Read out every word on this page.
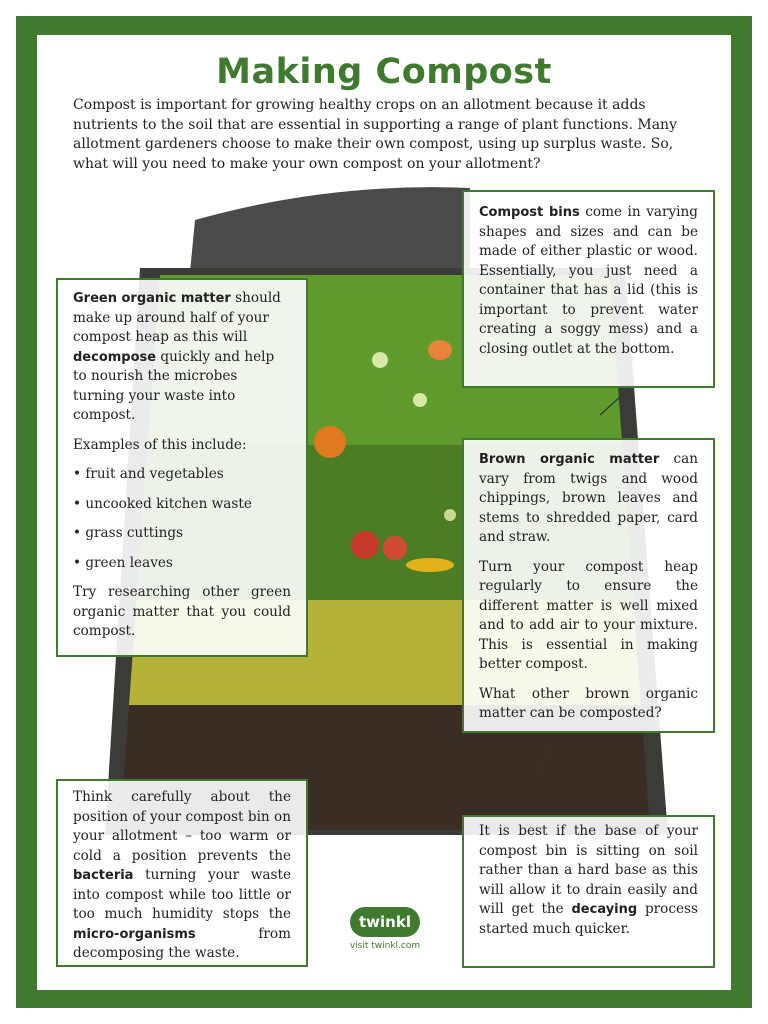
Making Compost
Compost is important for growing healthy crops on an allotment because it adds nutrients to the soil that are essential in supporting a range of plant functions. Many allotment gardeners choose to make their own compost, using up surplus waste. So, what will you need to make your own compost on your allotment?

Compost bins come in varying shapes and sizes and can be made of either plastic or wood. Essentially, you just need a container that has a lid (this is important to prevent water creating a soggy mess) and a closing outlet at the bottom.

Green organic matter should make up around half of your compost heap as this will decompose quickly and help to nourish the microbes turning your waste into compost.

Examples of this include:

• fruit and vegetables
• uncooked kitchen waste
• grass cuttings
• green leaves

Try researching other green organic matter that you could compost.

Brown organic matter can vary from twigs and wood chippings, brown leaves and stems to shredded paper, card and straw.

Turn your compost heap regularly to ensure the different matter is well mixed and to add air to your mixture. This is essential in making better compost.

What other brown organic matter can be composted?

Think carefully about the position of your compost bin on your allotment – too warm or cold a position prevents the bacteria turning your waste into compost while too little or too much humidity stops the micro-organisms from decomposing the waste.

It is best if the base of your compost bin is sitting on soil rather than a hard base as this will allow it to drain easily and will get the decaying process started much quicker.

twinkl
visit twinkl.com
